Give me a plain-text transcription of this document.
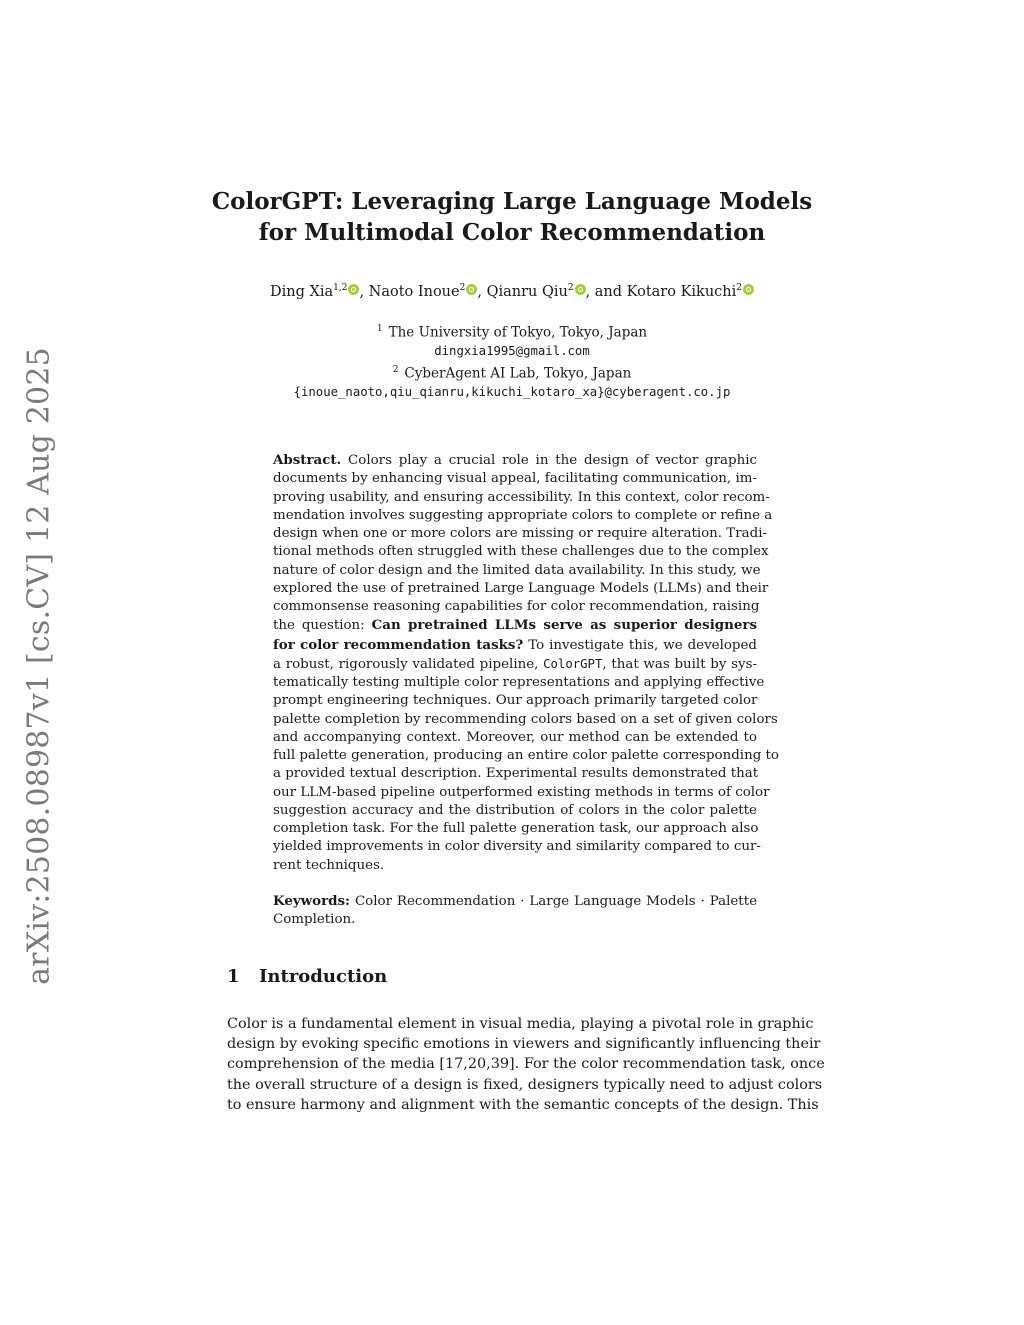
arXiv:2508.08987v1 [cs.CV] 12 Aug 2025
ColorGPT: Leveraging Large Language Models
for Multimodal Color Recommendation
Ding Xia$^{1,2}$ , Naoto Inoue$^2$ , Qianru Qiu$^2$ , and Kotaro Kikuchi$^2$
$^1$ The University of Tokyo, Tokyo, Japan
dingxia1995@gmail.com
$^2$ CyberAgent AI Lab, Tokyo, Japan
{inoue_naoto,qiu_qianru,kikuchi_kotaro_xa}@cyberagent.co.jp
Abstract. Colors play a crucial role in the design of vector graphic
documents by enhancing visual appeal, facilitating communication, im-
proving usability, and ensuring accessibility. In this context, color recom-
mendation involves suggesting appropriate colors to complete or refine a
design when one or more colors are missing or require alteration. Tradi-
tional methods often struggled with these challenges due to the complex
nature of color design and the limited data availability. In this study, we
explored the use of pretrained Large Language Models (LLMs) and their
commonsense reasoning capabilities for color recommendation, raising
the question: Can pretrained LLMs serve as superior designers
for color recommendation tasks? To investigate this, we developed
a robust, rigorously validated pipeline, ColorGPT, that was built by sys-
tematically testing multiple color representations and applying effective
prompt engineering techniques. Our approach primarily targeted color
palette completion by recommending colors based on a set of given colors
and accompanying context. Moreover, our method can be extended to
full palette generation, producing an entire color palette corresponding to
a provided textual description. Experimental results demonstrated that
our LLM-based pipeline outperformed existing methods in terms of color
suggestion accuracy and the distribution of colors in the color palette
completion task. For the full palette generation task, our approach also
yielded improvements in color diversity and similarity compared to cur-
rent techniques.
Keywords: Color Recommendation · Large Language Models · Palette
Completion.
1 Introduction
Color is a fundamental element in visual media, playing a pivotal role in graphic
design by evoking specific emotions in viewers and significantly influencing their
comprehension of the media [17,20,39]. For the color recommendation task, once
the overall structure of a design is fixed, designers typically need to adjust colors
to ensure harmony and alignment with the semantic concepts of the design. This
